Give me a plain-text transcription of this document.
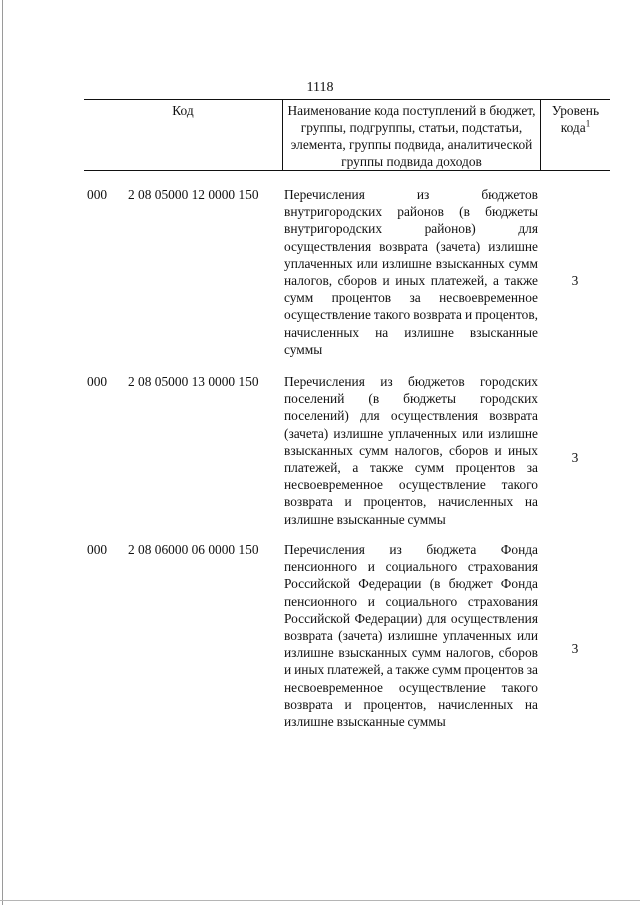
1118
Код	Наименование кода поступлений в бюджет, группы, подгруппы, статьи, подстатьи, элемента, группы подвида, аналитической группы подвида доходов
Уровень кода$^1$
000 2 08 05000 12 0000 150 Перечисления из бюджетов внутригородских районов (в бюджеты внутригородских районов) для осуществления возврата (зачета) излишне уплаченных или излишне взысканных сумм налогов, сборов и иных платежей, а также сумм процентов за несвоевременное осуществление такого возврата и процентов, начисленных на излишне взысканные суммы
3
000 2 08 05000 13 0000 150 Перечисления из бюджетов городских поселений (в бюджеты городских поселений) для осуществления возврата (зачета) излишне уплаченных или излишне взысканных сумм налогов, сборов и иных платежей, а также сумм процентов за несвоевременное осуществление такого возврата и процентов, начисленных на излишне взысканные суммы
3
000 2 08 06000 06 0000 150 Перечисления из бюджета Фонда пенсионного и социального страхования Российской Федерации (в бюджет Фонда пенсионного и социального страхования Российской Федерации) для осуществления возврата (зачета) излишне уплаченных или излишне взысканных сумм налогов, сборов и иных платежей, а также сумм процентов за несвоевременное осуществление такого возврата и процентов, начисленных на излишне взысканные суммы
3
